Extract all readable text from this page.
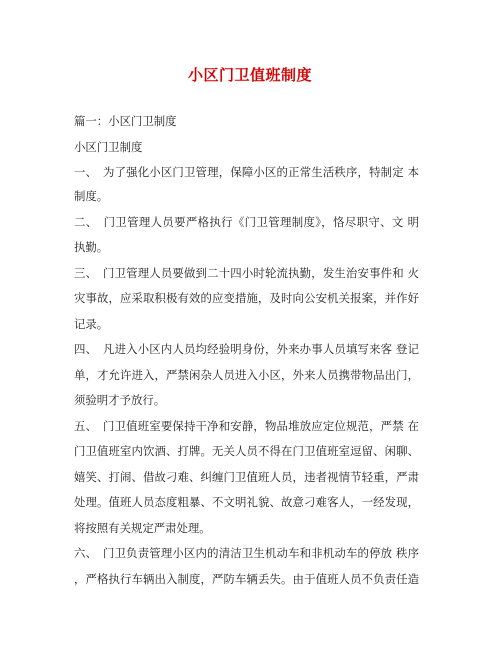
小区门卫值班制度
篇一：小区门卫制度
小区门卫制度
一、　为了强化小区门卫管理，保障小区的正常生活秩序，特制定 本
制度。
二、　门卫管理人员要严格执行《门卫管理制度》，恪尽职守、文 明
执勤。
三、　门卫管理人员要做到二十四小时轮流执勤，发生治安事件和 火
灾事故，应采取积极有效的应变措施，及时向公安机关报案，并作好
记录。
四、　凡进入小区内人员均经验明身份，外来办事人员填写来客 登记
单，才允许进入，严禁闲杂人员进入小区，外来人员携带物品出门，
须验明才予放行。
五、　门卫值班室要保持干净和安静，物品堆放应定位规范，严禁 在
门卫值班室内饮酒、打牌。无关人员不得在门卫值班室逗留、闲聊、
嬉笑、打闹、借故刁难、纠缠门卫值班人员，违者视情节轻重，严肃
处理。值班人员态度粗暴、不文明礼貌、故意刁难客人，一经发现，
将按照有关规定严肃处理。
六、　门卫负责管理小区内的清洁卫生机动车和非机动车的停放 秩序
，严格执行车辆出入制度，严防车辆丢失。由于值班人员不负责任造
